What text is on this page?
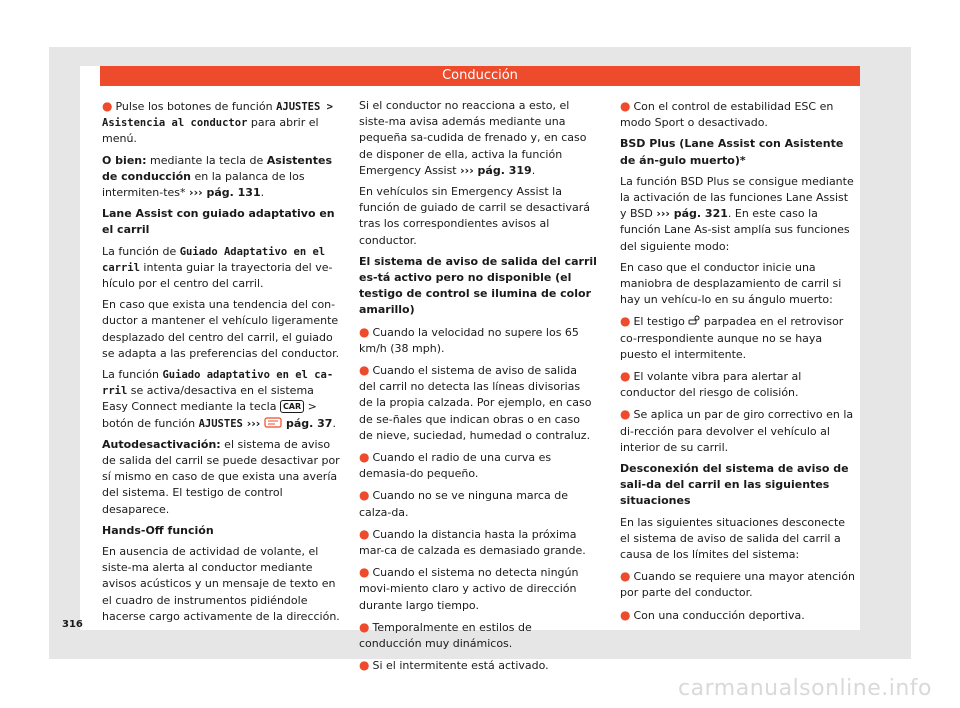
Conducción

● Pulse los botones de función AJUSTES > Asistencia al conductor para abrir el menú.

O bien: mediante la tecla de Asistentes de conducción en la palanca de los intermiten-tes* ››› pág. 131.

Lane Assist con guiado adaptativo en el carril

La función de Guiado Adaptativo en el carril intenta guiar la trayectoria del ve-hículo por el centro del carril.

En caso que exista una tendencia del con-ductor a mantener el vehículo ligeramente desplazado del centro del carril, el guiado se adapta a las preferencias del conductor.

La función Guiado adaptativo en el ca-rril se activa/desactiva en el sistema Easy Connect mediante la tecla CAR > botón de función AJUSTES ›››  pág. 37.

Autodesactivación: el sistema de aviso de salida del carril se puede desactivar por sí mismo en caso de que exista una avería del sistema. El testigo de control desaparece.

Hands-Off función

En ausencia de actividad de volante, el siste-ma alerta al conductor mediante avisos acústicos y un mensaje de texto en el cuadro de instrumentos pidiéndole hacerse cargo activamente de la dirección.

Si el conductor no reacciona a esto, el siste-ma avisa además mediante una pequeña sa-cudida de frenado y, en caso de disponer de ella, activa la función Emergency Assist ››› pág. 319.

En vehículos sin Emergency Assist la función de guiado de carril se desactivará tras los correspondientes avisos al conductor.

El sistema de aviso de salida del carril es-tá activo pero no disponible (el testigo de control se ilumina de color amarillo)

● Cuando la velocidad no supere los 65 km/h (38 mph).

● Cuando el sistema de aviso de salida del carril no detecta las líneas divisorias de la propia calzada. Por ejemplo, en caso de se-ñales que indican obras o en caso de nieve, suciedad, humedad o contraluz.

● Cuando el radio de una curva es demasia-do pequeño.

● Cuando no se ve ninguna marca de calza-da.

● Cuando la distancia hasta la próxima mar-ca de calzada es demasiado grande.

● Cuando el sistema no detecta ningún movi-miento claro y activo de dirección durante largo tiempo.

● Temporalmente en estilos de conducción muy dinámicos.

● Si el intermitente está activado.

● Con el control de estabilidad ESC en modo Sport o desactivado.

BSD Plus (Lane Assist con Asistente de án-gulo muerto)*

La función BSD Plus se consigue mediante la activación de las funciones Lane Assist y BSD ››› pág. 321. En este caso la función Lane As-sist amplía sus funciones del siguiente modo:

En caso que el conductor inicie una maniobra de desplazamiento de carril si hay un vehícu-lo en su ángulo muerto:

● El testigo  parpadea en el retrovisor co-rrespondiente aunque no se haya puesto el intermitente.

● El volante vibra para alertar al conductor del riesgo de colisión.

● Se aplica un par de giro correctivo en la di-rección para devolver el vehículo al interior de su carril.

Desconexión del sistema de aviso de sali-da del carril en las siguientes situaciones

En las siguientes situaciones desconecte el sistema de aviso de salida del carril a causa de los límites del sistema:

● Cuando se requiere una mayor atención por parte del conductor.

● Con una conducción deportiva.

316
carmanualsonline.info
